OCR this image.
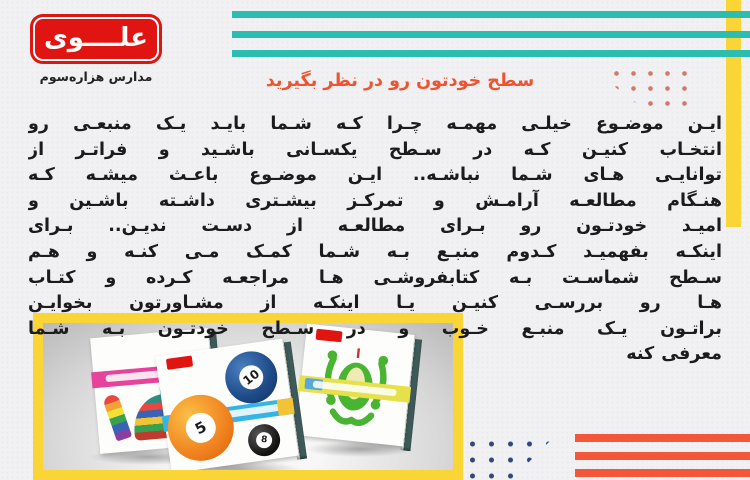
علــــوی
مدارس هزاره‌سوم	سطح خودتون رو در نظر بگیرید
ایـن موضـوع خیلـی مهمـه چـرا کـه شـما بایـد یـک منبعـی رو
انتخـاب کنیـن کـه در سـطح یکسـانی باشـید و فراتـر از
توانایـی هـای شـما نباشـه.. ایـن موضـوع باعـث میشـه کـه
هنـگام مطالعـه آرامـش و تمرکـز بیشـتری داشـته باشـین و
امیـد خودتـون رو بـرای مطالعـه از دسـت ندیـن.. بـرای
اینکـه بفهمیـد کـدوم منبـع بـه شـما کمـک مـی کنـه و هـم
سـطح شماسـت بـه کتابفروشـی هـا مراجعـه کـرده و کتـاب
هـا رو بررسـی کنیـن یـا اینکـه از مشـاورتون بخوایـن
براتـون یـک منبـع خـوب و در سـطح خودتـون بـه شـما
معرفی کنه
10
5
8
